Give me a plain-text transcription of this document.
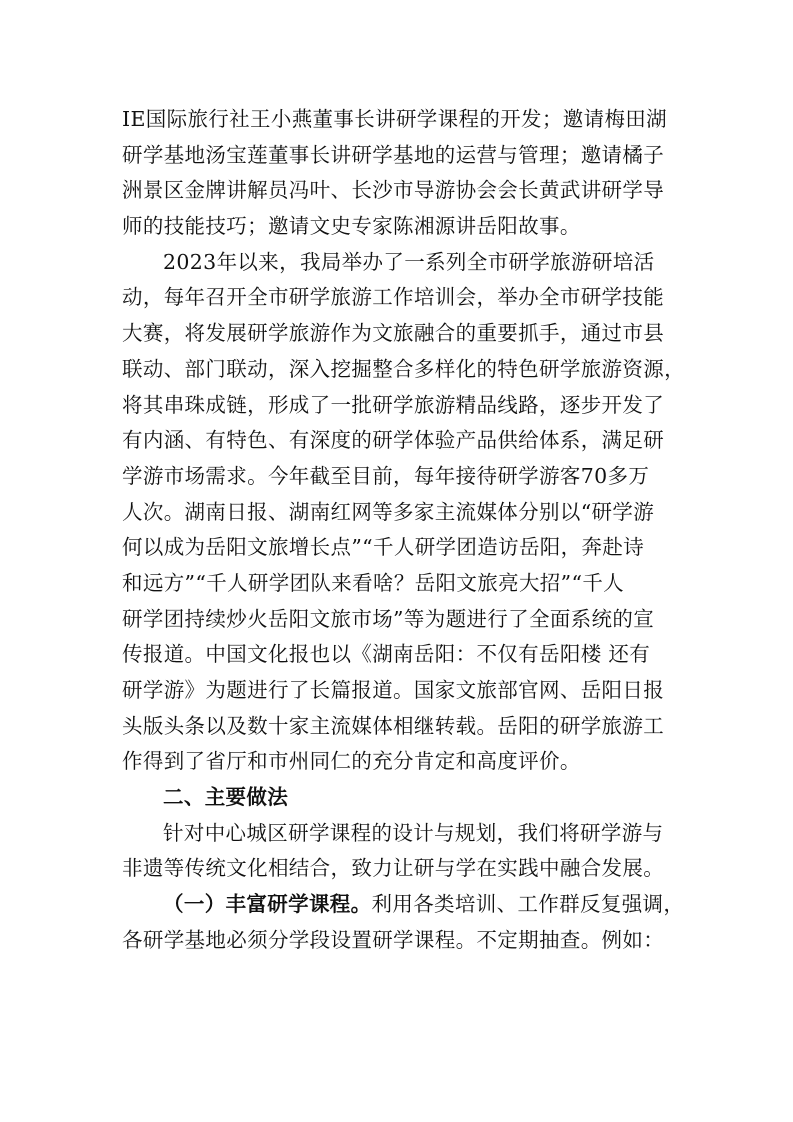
IE国际旅行社王小燕董事长讲研学课程的开发；邀请梅田湖
研学基地汤宝莲董事长讲研学基地的运营与管理；邀请橘子
洲景区金牌讲解员冯叶、长沙市导游协会会长黄武讲研学导
师的技能技巧；邀请文史专家陈湘源讲岳阳故事。
2023年以来，我局举办了一系列全市研学旅游研培活
动，每年召开全市研学旅游工作培训会，举办全市研学技能
大赛，将发展研学旅游作为文旅融合的重要抓手，通过市县
联动、部门联动，深入挖掘整合多样化的特色研学旅游资源，
将其串珠成链，形成了一批研学旅游精品线路，逐步开发了
有内涵、有特色、有深度的研学体验产品供给体系，满足研
学游市场需求。今年截至目前，每年接待研学游客70多万
人次。湖南日报、湖南红网等多家主流媒体分别以“研学游
何以成为岳阳文旅增长点”“千人研学团造访岳阳，奔赴诗
和远方”“千人研学团队来看啥？岳阳文旅亮大招”“千人
研学团持续炒火岳阳文旅市场”等为题进行了全面系统的宣
传报道。中国文化报也以《湖南岳阳：不仅有岳阳楼 还有
研学游》为题进行了长篇报道。国家文旅部官网、岳阳日报
头版头条以及数十家主流媒体相继转载。岳阳的研学旅游工
作得到了省厅和市州同仁的充分肯定和高度评价。
二、主要做法
针对中心城区研学课程的设计与规划，我们将研学游与
非遗等传统文化相结合，致力让研与学在实践中融合发展。
（一）丰富研学课程。利用各类培训、工作群反复强调，
各研学基地必须分学段设置研学课程。不定期抽查。例如：
